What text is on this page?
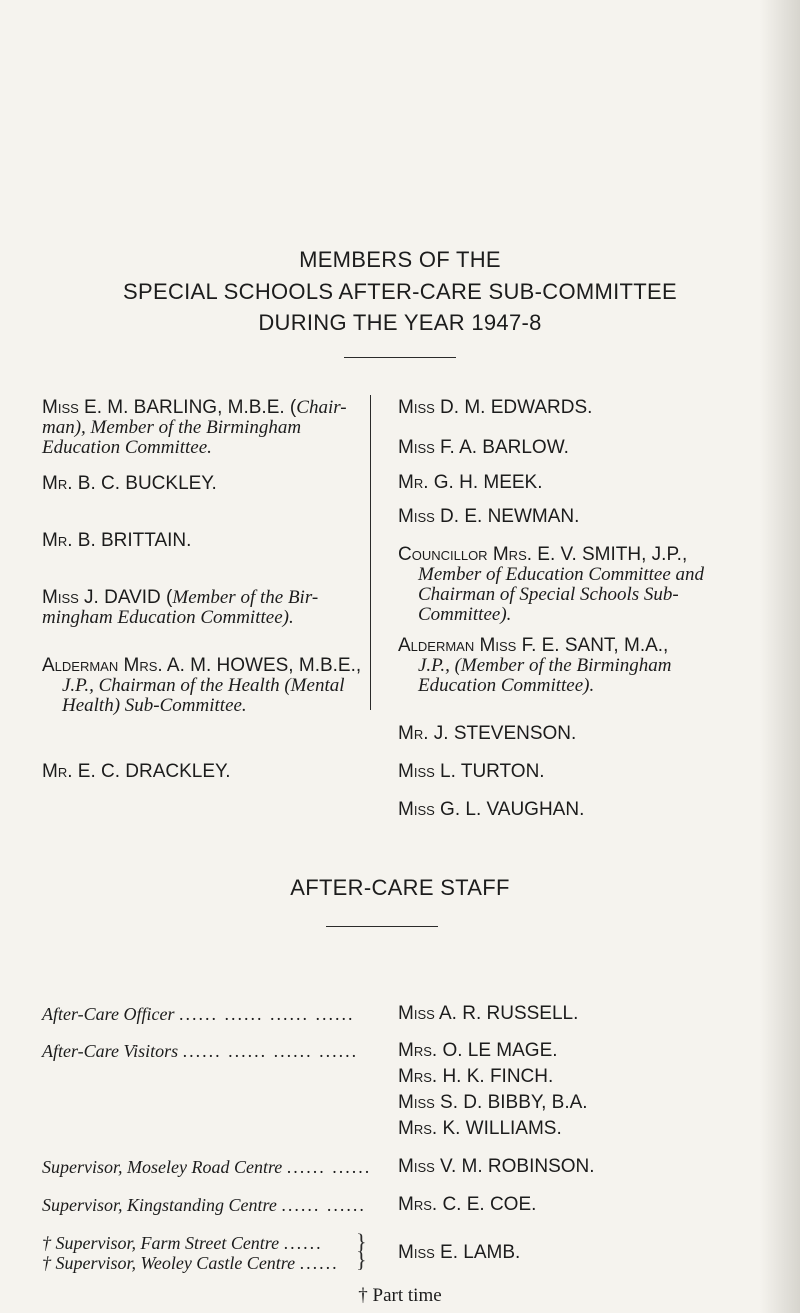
MEMBERS OF THE
SPECIAL SCHOOLS AFTER-CARE SUB-COMMITTEE
DURING THE YEAR 1947-8
Miss E. M. BARLING, M.B.E. (Chair-
man), Member of the Birmingham
Education Committee.
Mr. B. C. BUCKLEY.
Mr. B. BRITTAIN.
Miss J. DAVID (Member of the Bir-
mingham Education Committee).
Alderman Mrs. A. M. HOWES, M.B.E.,
J.P., Chairman of the Health (Mental
Health) Sub-Committee.
Mr. E. C. DRACKLEY.
Miss D. M. EDWARDS.
Miss F. A. BARLOW.
Mr. G. H. MEEK.
Miss D. E. NEWMAN.
Councillor Mrs. E. V. SMITH, J.P.,
Member of Education Committee and
Chairman of Special Schools Sub-
Committee).
Alderman Miss F. E. SANT, M.A.,
J.P., (Member of the Birmingham
Education Committee).
Mr. J. STEVENSON.
Miss L. TURTON.
Miss G. L. VAUGHAN.
AFTER-CARE STAFF
After-Care Officer ...... ...... ...... ...... Miss A. R. RUSSELL.
After-Care Visitors ...... ...... ...... ...... Mrs. O. LE MAGE.
Mrs. H. K. FINCH.
Miss S. D. BIBBY, B.A.
Mrs. K. WILLIAMS.
Supervisor, Moseley Road Centre ...... ...... Miss V. M. ROBINSON.
Supervisor, Kingstanding Centre ...... ...... Mrs. C. E. COE.
† Supervisor, Farm Street Centre ......
† Supervisor, Weoley Castle Centre ......
}
} Miss E. LAMB.
† Part time
